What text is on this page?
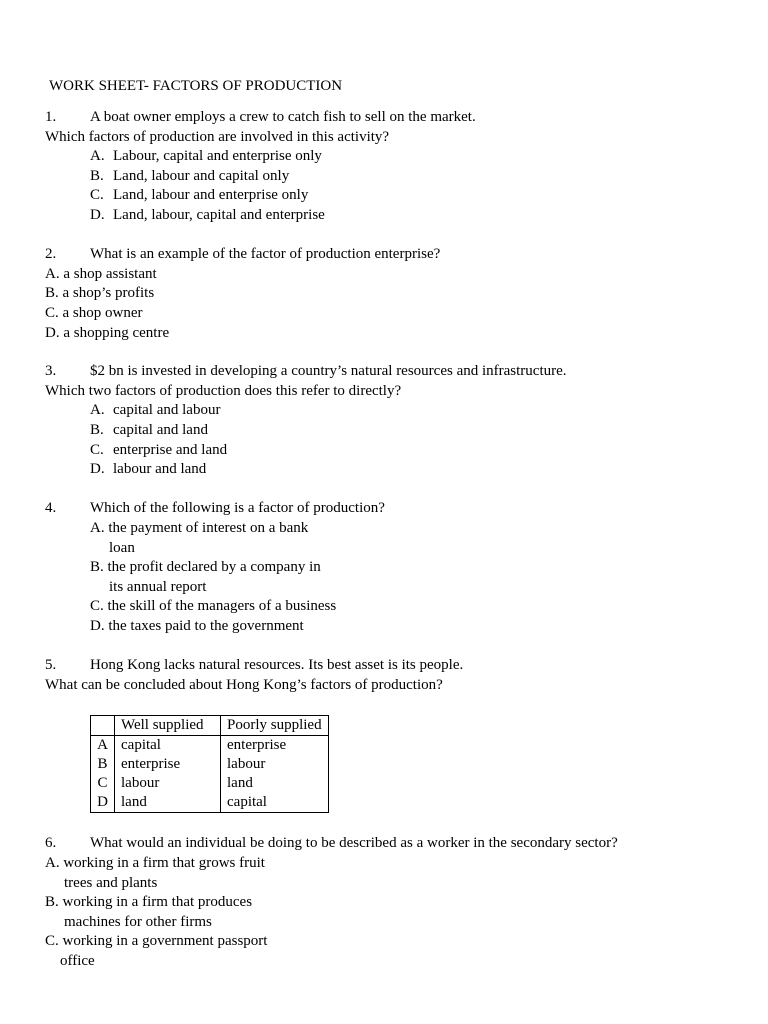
WORK SHEET- FACTORS OF PRODUCTION
1. A boat owner employs a crew to catch fish to sell on the market.
Which factors of production are involved in this activity?
A. Labour, capital and enterprise only
B. Land, labour and capital only
C. Land, labour and enterprise only
D. Land, labour, capital and enterprise
2. What is an example of the factor of production enterprise?
A. a shop assistant
B. a shop’s profits
C. a shop owner
D. a shopping centre
3. $2 bn is invested in developing a country’s natural resources and infrastructure.
Which two factors of production does this refer to directly?
A. capital and labour
B. capital and land
C. enterprise and land
D. labour and land
4. Which of the following is a factor of production?
A. the payment of interest on a bank
loan
B. the profit declared by a company in
its annual report
C. the skill of the managers of a business
D. the taxes paid to the government
5. Hong Kong lacks natural resources. Its best asset is its people.
What can be concluded about Hong Kong’s factors of production?
	Well supplied	Poorly supplied
A	capital	enterprise
B	enterprise	labour
C	labour	land
D	land	capital
6. What would an individual be doing to be described as a worker in the secondary sector?
A. working in a firm that grows fruit
trees and plants
B. working in a firm that produces
machines for other firms
C. working in a government passport
office
